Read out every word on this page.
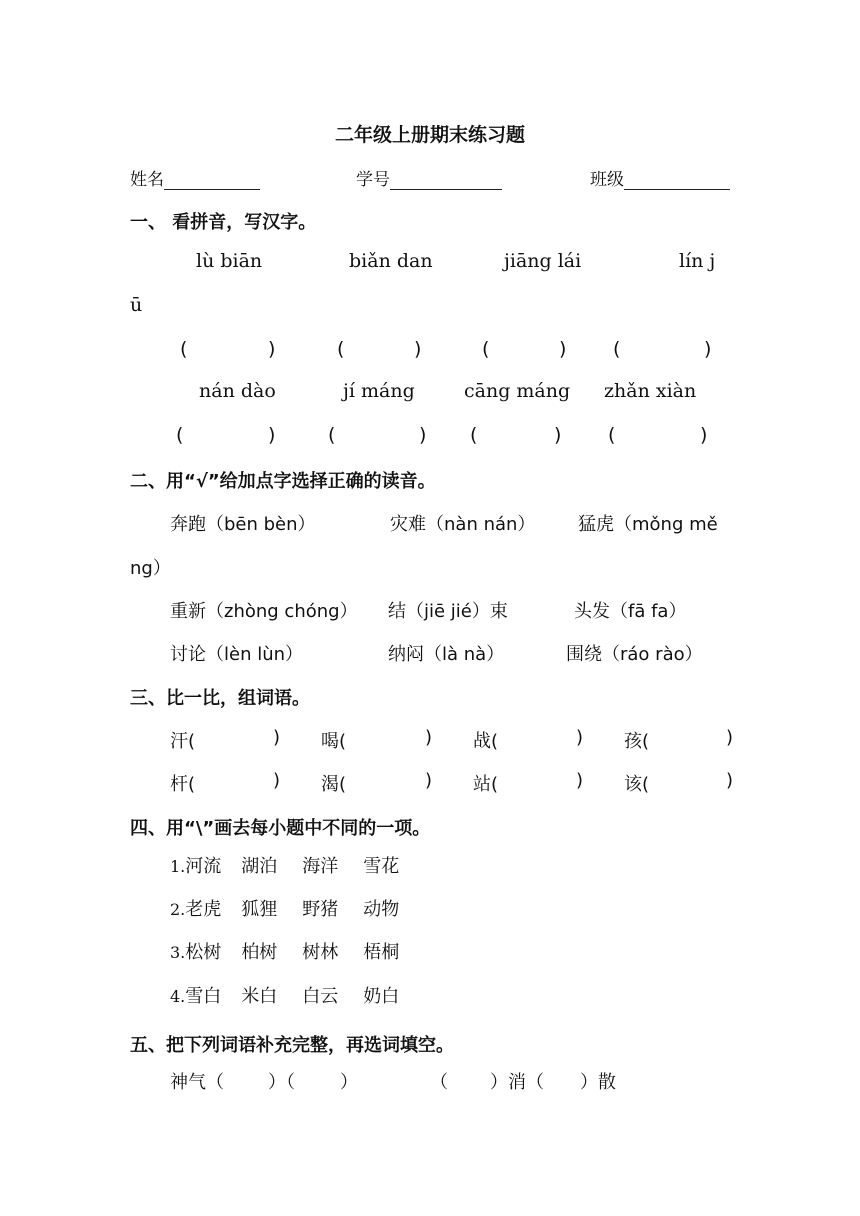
二年级上册期末练习题
姓名	学号	班级
一、 看拼音，写汉字。
lù biān	biǎn dan	jiāng lái	lín j
ū
(	)	(	)	(	) (	)
nán dào	jí máng	cāng máng zhǎn xiàn
(	)	(	) (	) (	)
二、用“√”给加点字选择正确的读音。
奔跑（bēn bèn）	灾难（nàn nán） 猛虎（mǒng mě
ng）
重新（zhòng chóng） 结（jiē jié）束	头发（fā fa）
讨论（lèn lùn）	纳闷（là nà）	围绕（ráo rào）
三、比一比，组词语。
汗(	) 喝(	) 战(	) 孩(	)
杆(	) 渴(	) 站(	) 该(	)
四、用“\”画去每小题中不同的一项。
1.河流 湖泊 海洋 雪花
2.老虎 狐狸 野猪 动物
3.松树 柏树 树林 梧桐
4.雪白 米白 白云 奶白
五、把下列词语补充完整，再选词填空。
神气（ ）（	）	（ ）消（ ）散
